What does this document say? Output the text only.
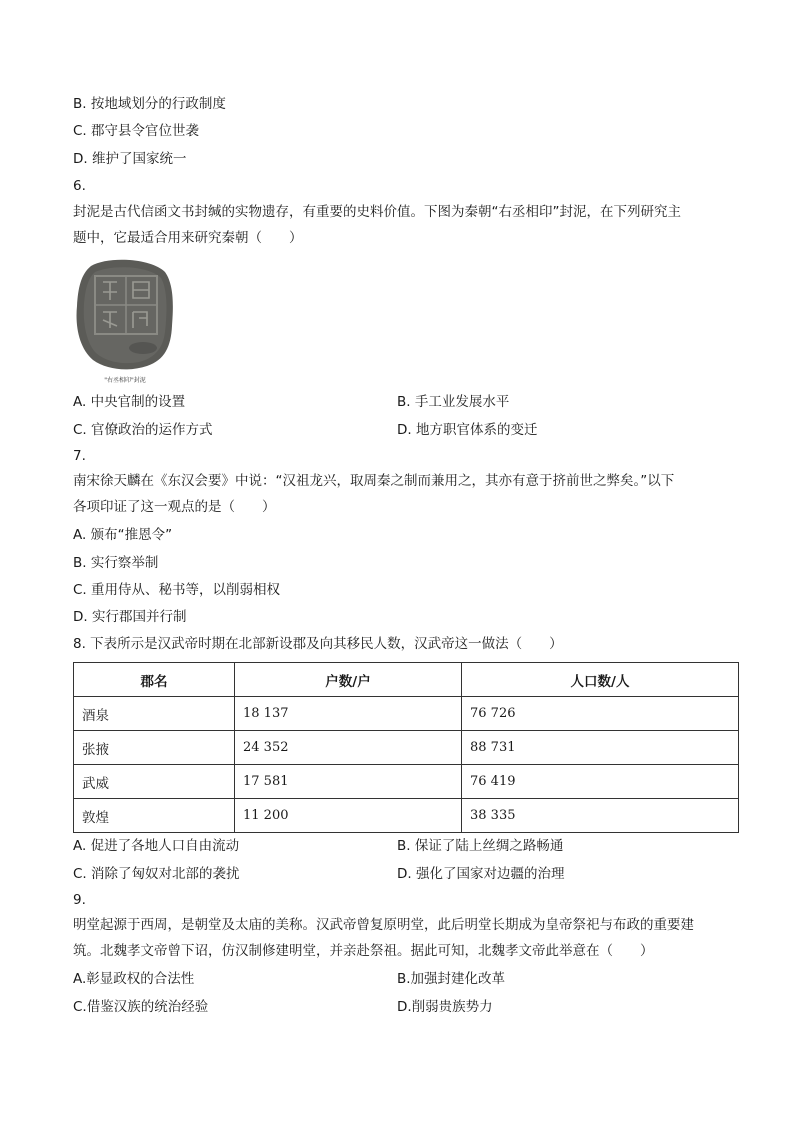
B. 按地域划分的行政制度
C. 郡守县令官位世袭
D. 维护了国家统一
6.
封泥是古代信函文书封缄的实物遗存，有重要的史料价值。下图为秦朝“右丞相印”封泥，在下列研究主
题中，它最适合用来研究秦朝（　　）
"右丞相印"封泥
A. 中央官制的设置	B. 手工业发展水平
C. 官僚政治的运作方式	D. 地方职官体系的变迁
7.
南宋徐天麟在《东汉会要》中说：“汉祖龙兴，取周秦之制而兼用之，其亦有意于挤前世之弊矣。”以下
各项印证了这一观点的是（　　）
A. 颁布“推恩令”
B. 实行察举制
C. 重用侍从、秘书等，以削弱相权
D. 实行郡国并行制
8. 下表所示是汉武帝时期在北部新设郡及向其移民人数，汉武帝这一做法（　　）
郡名	户数/户	人口数/人
酒泉	18 137	76 726
张掖	24 352	88 731
武威	17 581	76 419
敦煌	11 200	38 335
A. 促进了各地人口自由流动	B. 保证了陆上丝绸之路畅通
C. 消除了匈奴对北部的袭扰	D. 强化了国家对边疆的治理
9.
明堂起源于西周，是朝堂及太庙的美称。汉武帝曾复原明堂，此后明堂长期成为皇帝祭祀与布政的重要建
筑。北魏孝文帝曾下诏，仿汉制修建明堂，并亲赴祭祖。据此可知，北魏孝文帝此举意在（　　）
A.彰显政权的合法性	B.加强封建化改革
C.借鉴汉族的统治经验	D.削弱贵族势力
